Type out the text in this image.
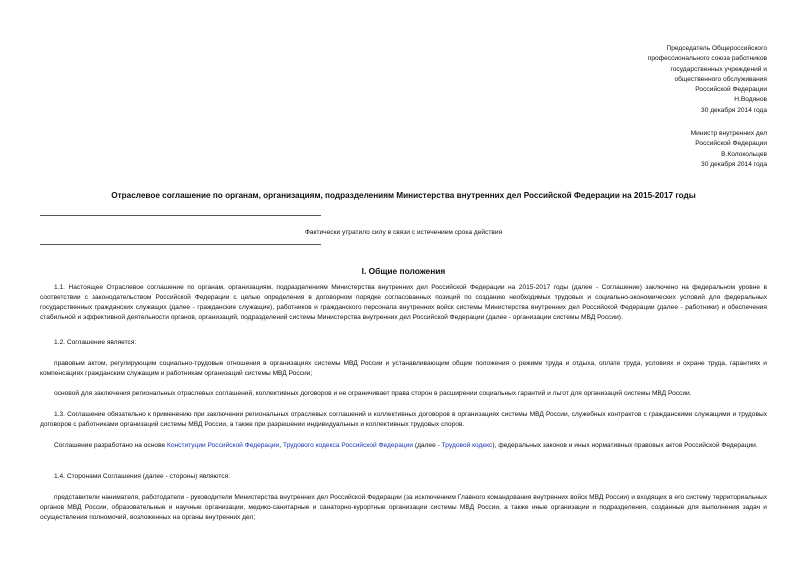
Председатель Общероссийского
профессионального союза работников
государственных учреждений и
общественного обслуживания
Российской Федерации
Н.Водянов
30 декабря 2014 года
Министр внутренних дел
Российской Федерации
В.Колокольцев
30 декабря 2014 года
Отраслевое соглашение по органам, организациям, подразделениям Министерства внутренних дел Российской Федерации на 2015-2017 годы
Фактически утратило силу в связи с истечением срока действия
I. Общие положения
1.1. Настоящее Отраслевое соглашение по органам, организациям, подразделениям Министерства внутренних дел Российской Федерации на 2015-2017 годы (далее - Соглашение) заключено на федеральном уровне в соответствии с законодательством Российской Федерации с целью определения в договорном порядке согласованных позиций по созданию необходимых трудовых и социально-экономических условий для федеральных государственных гражданских служащих (далее - гражданские служащие), работников и гражданского персонала внутренних войск системы Министерства внутренних дел Российской Федерации (далее - работники) и обеспечения стабильной и эффективной деятельности органов, организаций, подразделений системы Министерства внутренних дел Российской Федерации (далее - организации системы МВД России).
1.2. Соглашение является:
правовым актом, регулирующим социально-трудовые отношения в организациях системы МВД России и устанавливающим общие положения о режиме труда и отдыха, оплате труда, условиях и охране труда, гарантиях и компенсациях гражданским служащим и работникам организаций системы МВД России;
основой для заключения региональных отраслевых соглашений, коллективных договоров и не ограничивает права сторон в расширении социальных гарантий и льгот для организаций системы МВД России.
1.3. Соглашение обязательно к применению при заключении региональных отраслевых соглашений и коллективных договоров в организациях системы МВД России, служебных контрактов с гражданскими служащими и трудовых договоров с работниками организаций системы МВД России, а также при разрешении индивидуальных и коллективных трудовых споров.
Соглашение разработано на основе Конституции Российской Федерации, Трудового кодекса Российской Федерации (далее - Трудовой кодекс), федеральных законов и иных нормативных правовых актов Российской Федерации.
1.4. Сторонами Соглашения (далее - стороны) являются:
представители нанимателя, работодатели - руководители Министерства внутренних дел Российской Федерации (за исключением Главного командования внутренних войск МВД России) и входящих в его систему территориальных органов МВД России, образовательные и научные организации, медико-санитарные и санаторно-курортные организации системы МВД России, а также иные организации и подразделения, созданные для выполнения задач и осуществления полномочий, возложенных на органы внутренних дел;
